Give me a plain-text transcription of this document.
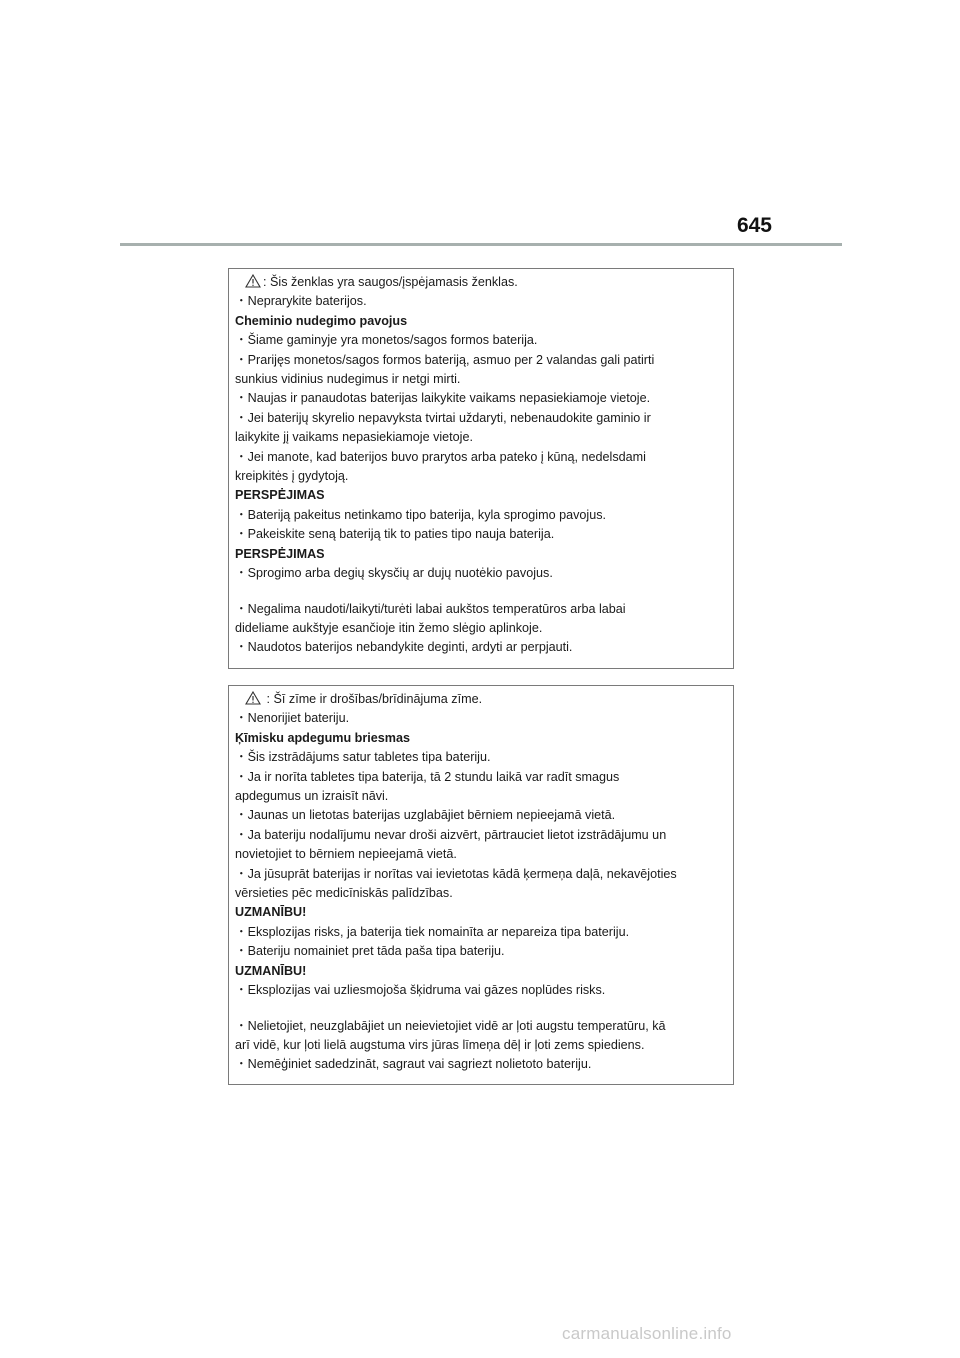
645
: Šis ženklas yra saugos/įspėjamasis ženklas.
・Neprarykite baterijos.
Cheminio nudegimo pavojus
・Šiame gaminyje yra monetos/sagos formos baterija.
・Prarijęs monetos/sagos formos bateriją, asmuo per 2 valandas gali patirti
sunkius vidinius nudegimus ir netgi mirti.
・Naujas ir panaudotas baterijas laikykite vaikams nepasiekiamoje vietoje.
・Jei baterijų skyrelio nepavyksta tvirtai uždaryti, nebenaudokite gaminio ir
laikykite jį vaikams nepasiekiamoje vietoje.
・Jei manote, kad baterijos buvo prarytos arba pateko į kūną, nedelsdami
kreipkitės į gydytoją.
PERSPĖJIMAS
・Bateriją pakeitus netinkamo tipo baterija, kyla sprogimo pavojus.
・Pakeiskite seną bateriją tik to paties tipo nauja baterija.
PERSPĖJIMAS
・Sprogimo arba degių skysčių ar dujų nuotėkio pavojus.
・Negalima naudoti/laikyti/turėti labai aukštos temperatūros arba labai
dideliame aukštyje esančioje itin žemo slėgio aplinkoje.
・Naudotos baterijos nebandykite deginti, ardyti ar perpjauti.
: Šī zīme ir drošības/brīdinājuma zīme.
・Nenorijiet bateriju.
Ķīmisku apdegumu briesmas
・Šis izstrādājums satur tabletes tipa bateriju.
・Ja ir norīta tabletes tipa baterija, tā 2 stundu laikā var radīt smagus
apdegumus un izraisīt nāvi.
・Jaunas un lietotas baterijas uzglabājiet bērniem nepieejamā vietā.
・Ja bateriju nodalījumu nevar droši aizvērt, pārtrauciet lietot izstrādājumu un
novietojiet to bērniem nepieejamā vietā.
・Ja jūsuprāt baterijas ir norītas vai ievietotas kādā ķermeņa daļā, nekavējoties
vērsieties pēc medicīniskās palīdzības.
UZMANĪBU!
・Eksplozijas risks, ja baterija tiek nomainīta ar nepareiza tipa bateriju.
・Bateriju nomainiet pret tāda paša tipa bateriju.
UZMANĪBU!
・Eksplozijas vai uzliesmojoša šķidruma vai gāzes noplūdes risks.
・Nelietojiet, neuzglabājiet un neievietojiet vidē ar ļoti augstu temperatūru, kā
arī vidē, kur ļoti lielā augstuma virs jūras līmeņa dēļ ir ļoti zems spiediens.
・Nemēģiniet sadedzināt, sagraut vai sagriezt nolietoto bateriju.
carmanualsonline.info
